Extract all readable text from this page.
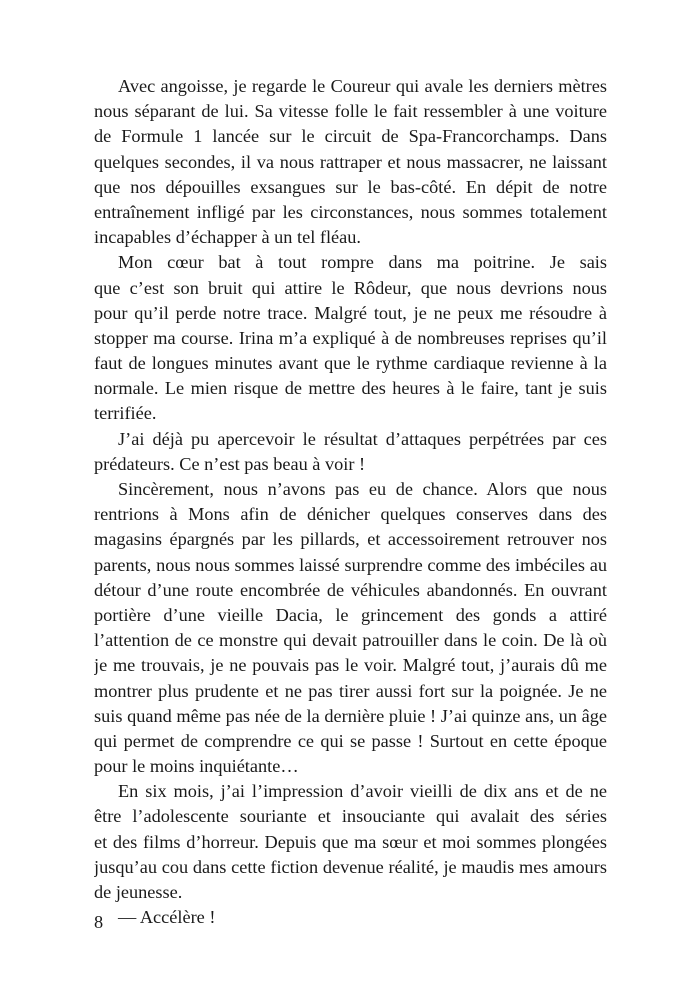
Avec angoisse, je regarde le Coureur qui avale les derniers mètres
nous séparant de lui. Sa vitesse folle le fait ressembler à une voiture
de Formule 1 lancée sur le circuit de Spa-Francorchamps. Dans
quelques secondes, il va nous rattraper et nous massacrer, ne laissant
que nos dépouilles exsangues sur le bas-côté. En dépit de notre
entraînement infligé par les circonstances, nous sommes totalement
incapables d’échapper à un tel fléau.
Mon cœur bat à tout rompre dans ma poitrine. Je sais
que c’est son bruit qui attire le Rôdeur, que nous devrions nous
pour qu’il perde notre trace. Malgré tout, je ne peux me résoudre à
stopper ma course. Irina m’a expliqué à de nombreuses reprises qu’il
faut de longues minutes avant que le rythme cardiaque revienne à la
normale. Le mien risque de mettre des heures à le faire, tant je suis
terrifiée.
J’ai déjà pu apercevoir le résultat d’attaques perpétrées par ces
prédateurs. Ce n’est pas beau à voir !
Sincèrement, nous n’avons pas eu de chance. Alors que nous
rentrions à Mons afin de dénicher quelques conserves dans des
magasins épargnés par les pillards, et accessoirement retrouver nos
parents, nous nous sommes laissé surprendre comme des imbéciles au
détour d’une route encombrée de véhicules abandonnés. En ouvrant
portière d’une vieille Dacia, le grincement des gonds a attiré
l’attention de ce monstre qui devait patrouiller dans le coin. De là où
je me trouvais, je ne pouvais pas le voir. Malgré tout, j’aurais dû me
montrer plus prudente et ne pas tirer aussi fort sur la poignée. Je ne
suis quand même pas née de la dernière pluie ! J’ai quinze ans, un âge
qui permet de comprendre ce qui se passe ! Surtout en cette époque
pour le moins inquiétante…
En six mois, j’ai l’impression d’avoir vieilli de dix ans et de ne
être l’adolescente souriante et insouciante qui avalait des séries
et des films d’horreur. Depuis que ma sœur et moi sommes plongées
jusqu’au cou dans cette fiction devenue réalité, je maudis mes amours
de jeunesse.
— Accélère !
8
